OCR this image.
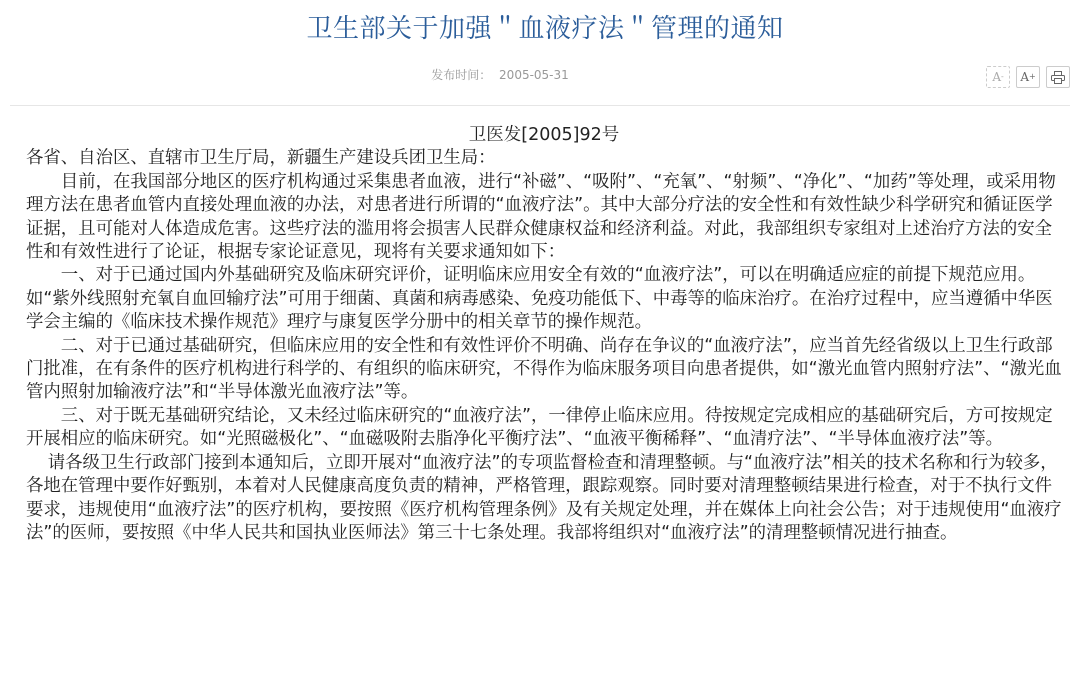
卫生部关于加强＂血液疗法＂管理的通知
发布时间： 2005-05-31	A - A +

卫医发[2005]92号

各省、自治区、直辖市卫生厅局，新疆生产建设兵团卫生局：

目前，在我国部分地区的医疗机构通过采集患者血液，进行“补磁”、“吸附”、“充氧”、“射频”、“净化”、“加药”等处理，或采用物理方法在患者血管内直接处理血液的办法，对患者进行所谓的“血液疗法”。其中大部分疗法的安全性和有效性缺少科学研究和循证医学证据，且可能对人体造成危害。这些疗法的滥用将会损害人民群众健康权益和经济利益。对此，我部组织专家组对上述治疗方法的安全性和有效性进行了论证，根据专家论证意见，现将有关要求通知如下：

一、对于已通过国内外基础研究及临床研究评价，证明临床应用安全有效的“血液疗法”，可以在明确适应症的前提下规范应用。如“紫外线照射充氧自血回输疗法”可用于细菌、真菌和病毒感染、免疫功能低下、中毒等的临床治疗。在治疗过程中，应当遵循中华医学会主编的《临床技术操作规范》理疗与康复医学分册中的相关章节的操作规范。

二、对于已通过基础研究，但临床应用的安全性和有效性评价不明确、尚存在争议的“血液疗法”，应当首先经省级以上卫生行政部门批准，在有条件的医疗机构进行科学的、有组织的临床研究，不得作为临床服务项目向患者提供，如“激光血管内照射疗法”、“激光血管内照射加输液疗法”和“半导体激光血液疗法”等。

三、对于既无基础研究结论，又未经过临床研究的“血液疗法”，一律停止临床应用。待按规定完成相应的基础研究后，方可按规定开展相应的临床研究。如“光照磁极化”、“血磁吸附去脂净化平衡疗法”、“血液平衡稀释”、“血清疗法”、“半导体血液疗法”等。

请各级卫生行政部门接到本通知后，立即开展对“血液疗法”的专项监督检查和清理整顿。与“血液疗法”相关的技术名称和行为较多，各地在管理中要作好甄别，本着对人民健康高度负责的精神，严格管理，跟踪观察。同时要对清理整顿结果进行检查，对于不执行文件要求，违规使用“血液疗法”的医疗机构，要按照《医疗机构管理条例》及有关规定处理，并在媒体上向社会公告；对于违规使用“血液疗法”的医师，要按照《中华人民共和国执业医师法》第三十七条处理。我部将组织对“血液疗法”的清理整顿情况进行抽查。
